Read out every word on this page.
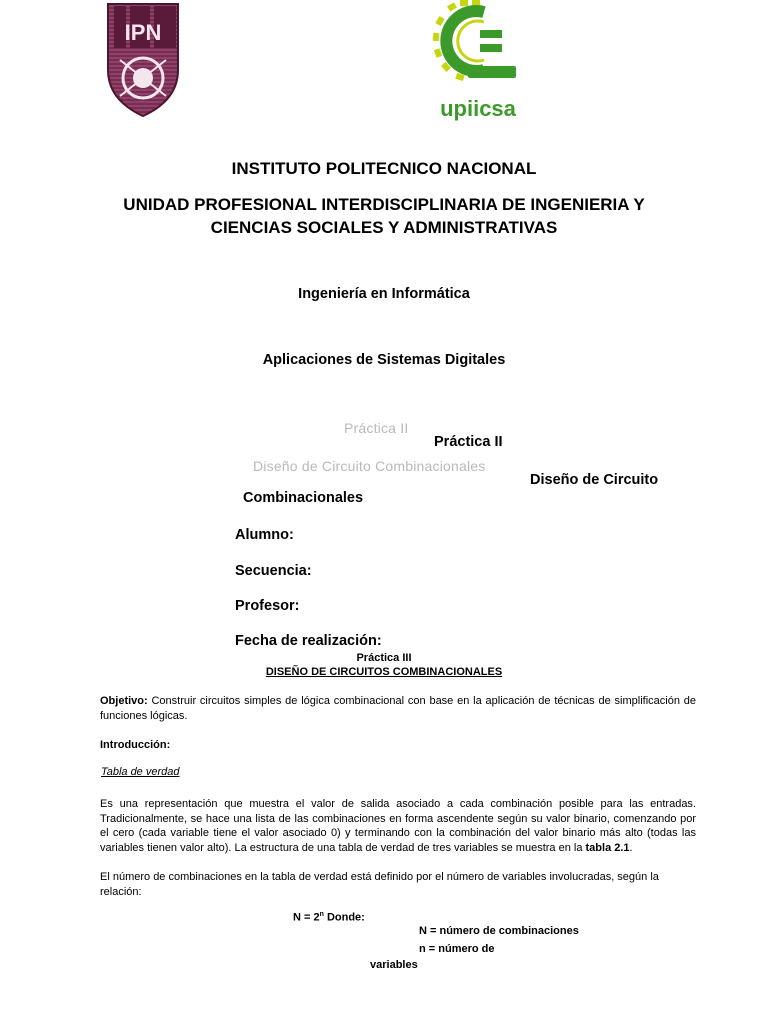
IPN
upiicsa
INSTITUTO POLITECNICO NACIONAL
UNIDAD PROFESIONAL INTERDISCIPLINARIA DE INGENIERIA Y
CIENCIAS SOCIALES Y ADMINISTRATIVAS
Ingeniería en Informática
Aplicaciones de Sistemas Digitales
Práctica II
Práctica II
Diseño de Circuito Combinacionales
Diseño de Circuito
Combinacionales
Alumno:
Secuencia:
Profesor:
Fecha de realización:
Práctica III
DISEÑO DE CIRCUITOS COMBINACIONALES
Objetivo: Construir circuitos simples de lógica combinacional con base en la aplicación de técnicas de simplificación de funciones lógicas.
Introducción:
Tabla de verdad
Es una representación que muestra el valor de salida asociado a cada combinación posible para las entradas. Tradicionalmente, se hace una lista de las combinaciones en forma ascendente según su valor binario, comenzando por el cero (cada variable tiene el valor asociado 0) y terminando con la combinación del valor binario más alto (todas las variables tienen valor alto). La estructura de una tabla de verdad de tres variables se muestra en la tabla 2.1.
El número de combinaciones en la tabla de verdad está definido por el número de variables involucradas, según la relación:
$N = 2^n$ Donde:
N = número de combinaciones
n = número de
variables
